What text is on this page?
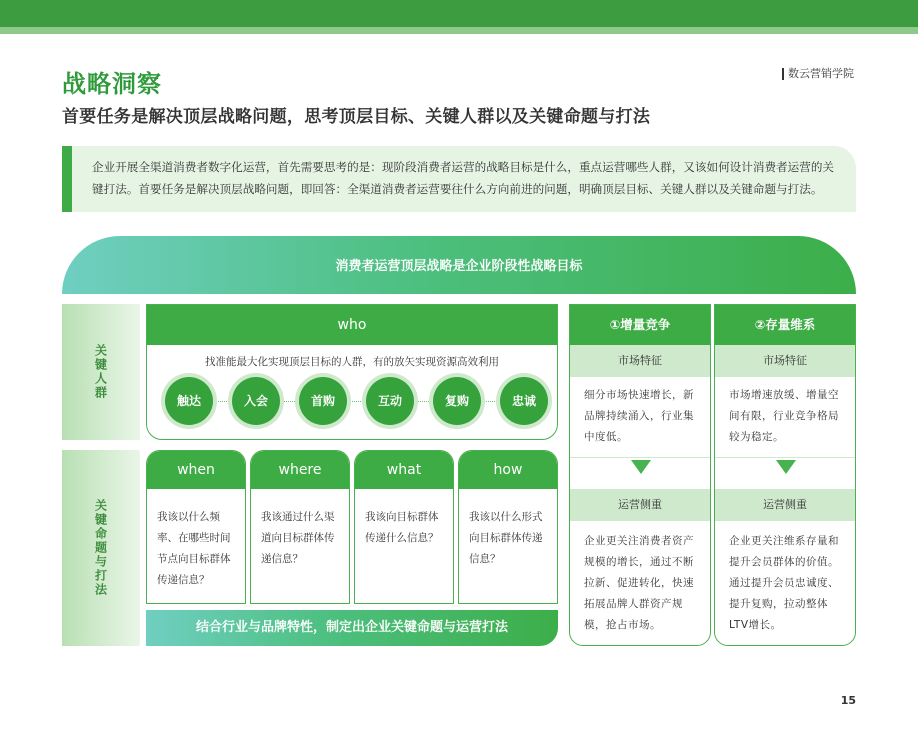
战略洞察	数云营销学院
首要任务是解决顶层战略问题，思考顶层目标、关键人群以及关键命题与打法
企业开展全渠道消费者数字化运营，首先需要思考的是：现阶段消费者运营的战略目标是什么，重点运营哪些人群，又该如何设计消费者运营的关键打法。首要任务是解决顶层战略问题，即回答：全渠道消费者运营要往什么方向前进的问题，明确顶层目标、关键人群以及关键命题与打法。
消费者运营顶层战略是企业阶段性战略目标
关键人群
关键命题与打法
who
找准能最大化实现顶层目标的人群，有的放矢实现资源高效利用
触达	入会	首购	互动	复购	忠诚
when
我该以什么频率、在哪些时间节点向目标群体传递信息？
where
我该通过什么渠道向目标群体传递信息？
what
我该向目标群体传递什么信息？
how
我该以什么形式向目标群体传递信息？
结合行业与品牌特性，制定出企业关键命题与运营打法
①增量竞争
市场特征
细分市场快速增长，新品牌持续涌入，行业集中度低。
运营侧重
企业更关注消费者资产规模的增长，通过不断拉新、促进转化，快速拓展品牌人群资产规模，抢占市场。
②存量维系
市场特征
市场增速放缓、增量空间有限，行业竞争格局较为稳定。
运营侧重
企业更关注维系存量和提升会员群体的价值。通过提升会员忠诚度、提升复购，拉动整体LTV增长。
15
